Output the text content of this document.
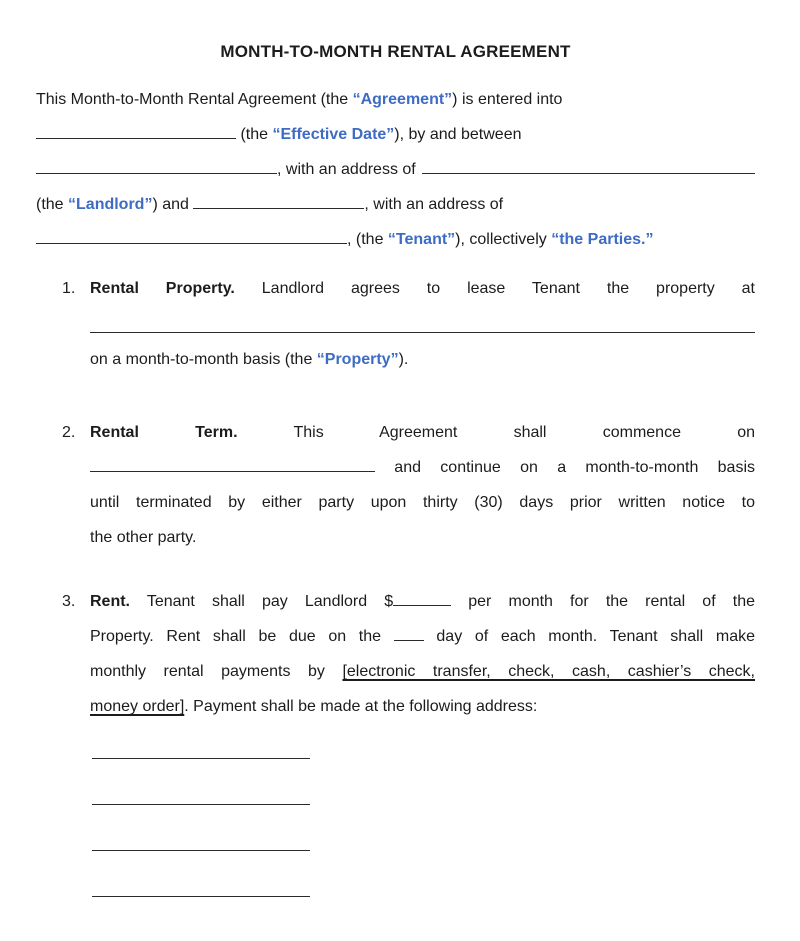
MONTH-TO-MONTH RENTAL AGREEMENT
This Month-to-Month Rental Agreement (the “Agreement”) is entered into
(the “Effective Date”), by and between
, with an address of
(the “Landlord”) and	, with an address of
, (the “Tenant”), collectively “the Parties.”
1. Rental Property. Landlord agrees to lease Tenant the property at
on a month-to-month basis (the “Property”).
2. Rental Term. This Agreement shall commence on
and continue on a month-to-month basis
until terminated by either party upon thirty (30) days prior written notice to
the other party.
3. Rent. Tenant shall pay Landlord $	per month for the rental of the
Property. Rent shall be due on the  day of each month. Tenant shall make
monthly rental payments by [electronic transfer, check, cash, cashier’s check,
money order]. Payment shall be made at the following address:
